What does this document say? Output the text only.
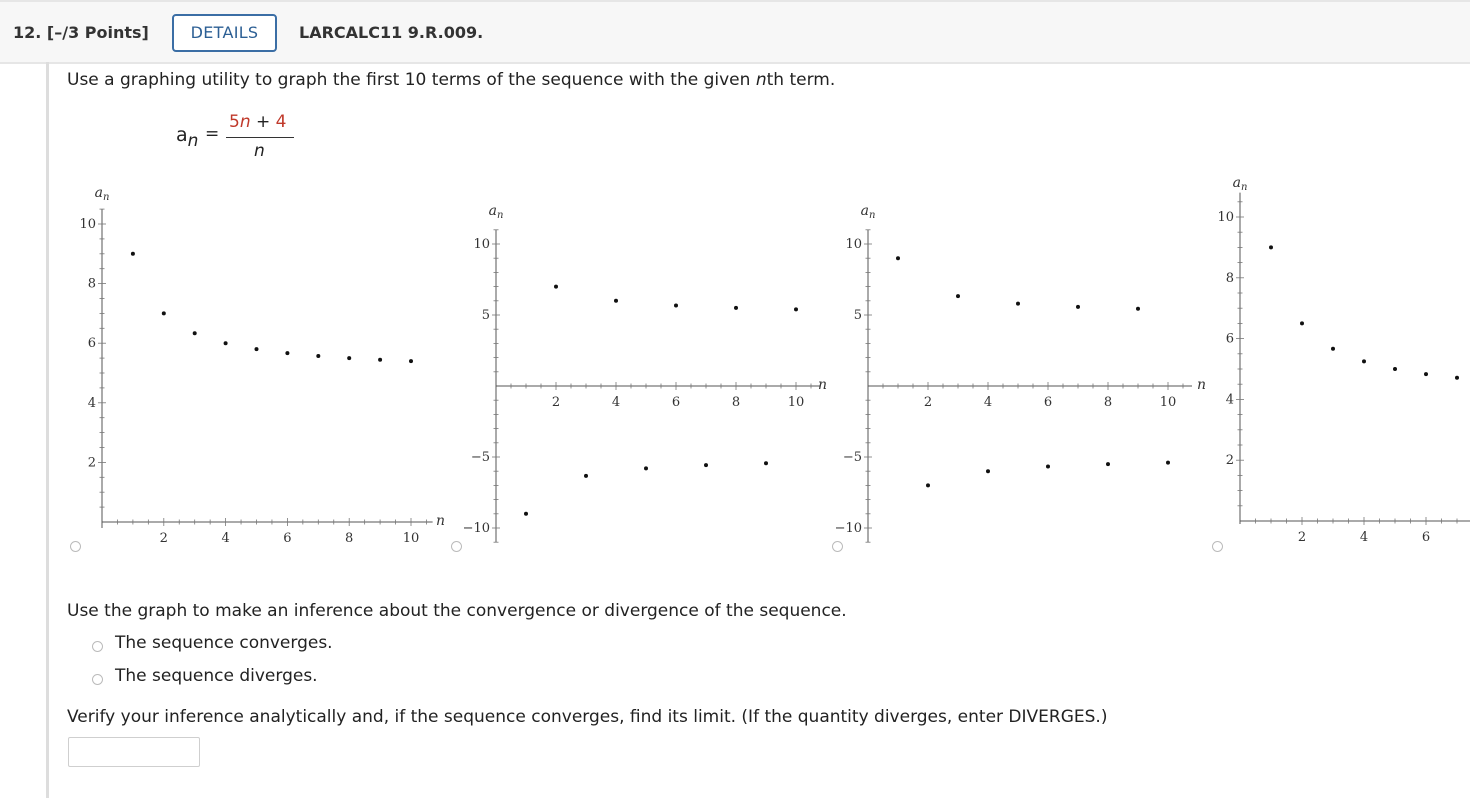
12. [–/3 Points]	DETAILS	LARCALC11 9.R.009.
Use a graphing utility to graph the first 10 terms of the sequence with the given nth term.
$a_n$ =
5n + 4
n
2	4	6	8	10
2
4
6
8
10
$a_n$
n
2	4	6	8	10
10
5
−5
−10
$a_n$
n
2	4	6	8	10
10
5
−5
−10
$a_n$
n
2	4	6
2
4
6
8
10
$a_n$
Use the graph to make an inference about the convergence or divergence of the sequence.
The sequence converges.
The sequence diverges.
Verify your inference analytically and, if the sequence converges, find its limit. (If the quantity diverges, enter DIVERGES.)
